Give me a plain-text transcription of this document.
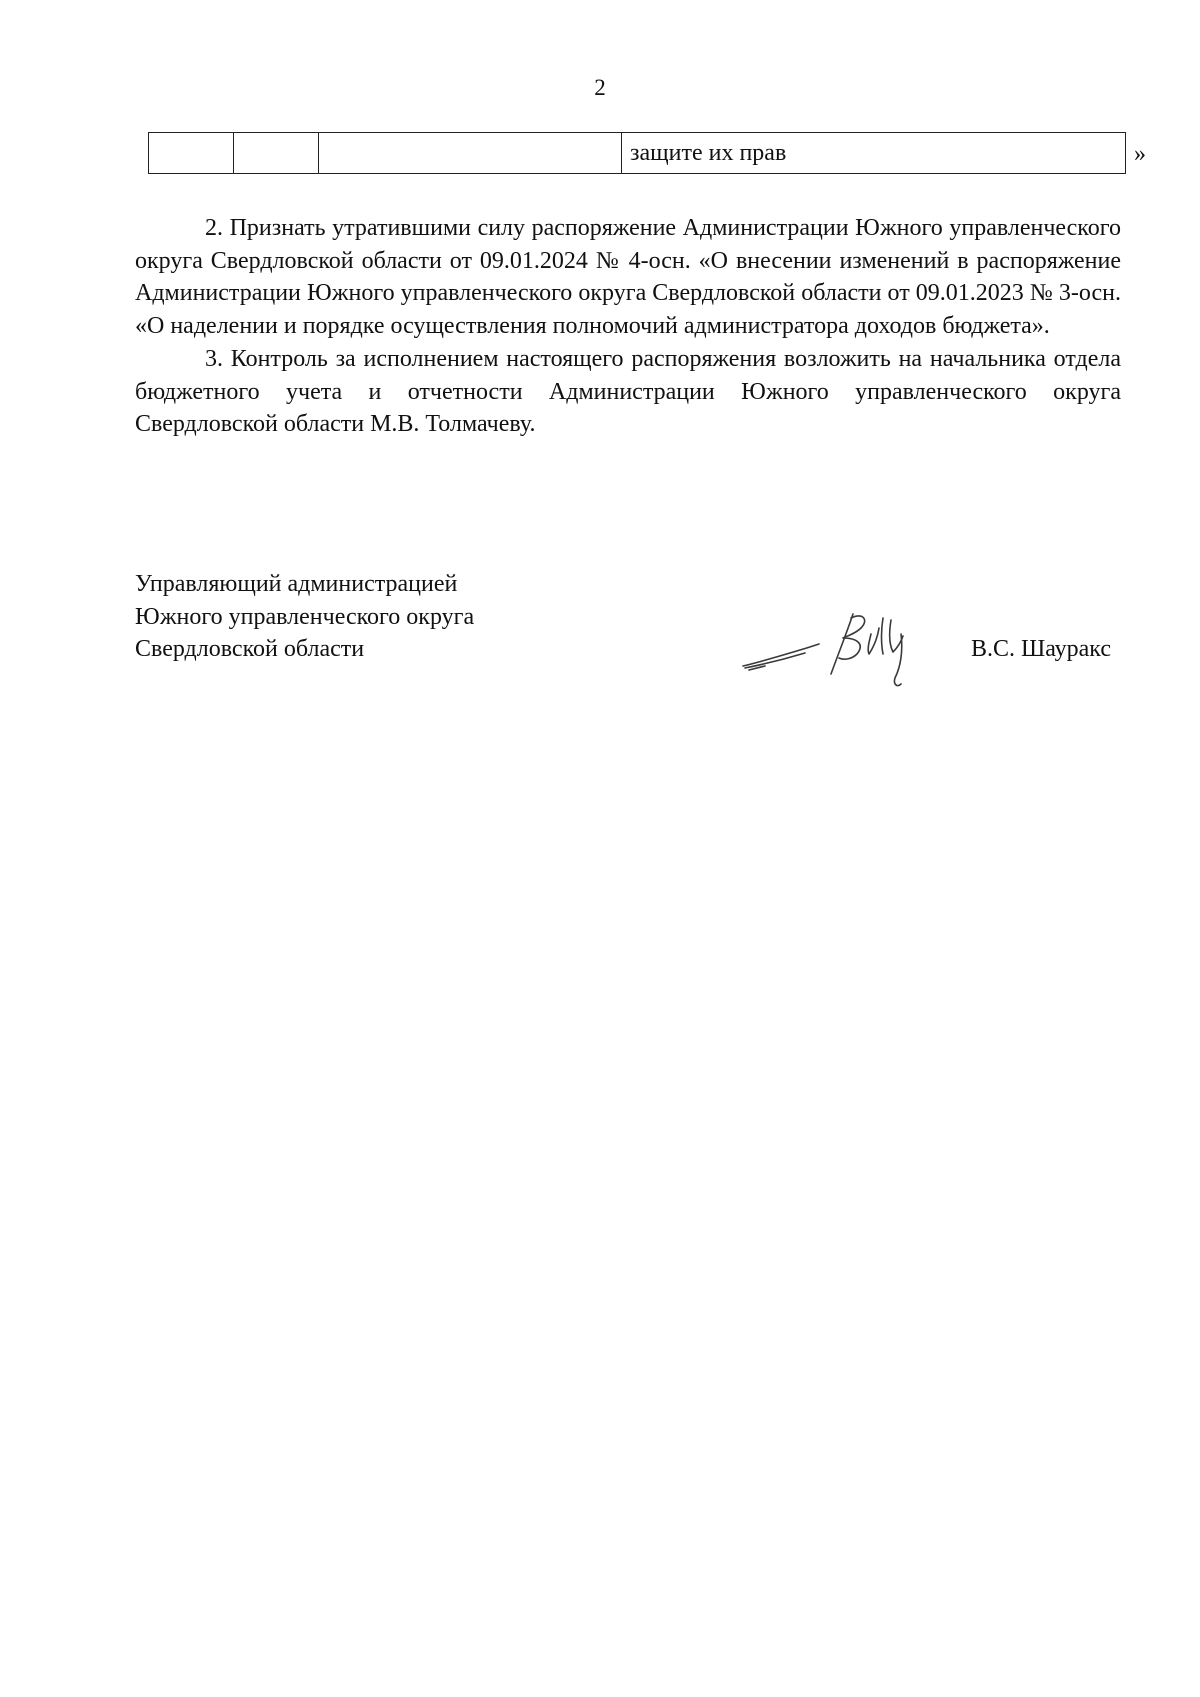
2
			защите их прав	»

2. Признать утратившими силу распоряжение Администрации Южного управленческого округа Свердловской области от 09.01.2024 № 4-осн. «О внесении изменений в распоряжение Администрации Южного управленческого округа Свердловской области от 09.01.2023 № 3-осн. «О наделении и порядке осуществления полномочий администратора доходов бюджета».

3. Контроль за исполнением настоящего распоряжения возложить на начальника отдела бюджетного учета и отчетности Администрации Южного управленческого округа Свердловской области М.В. Толмачеву.

Управляющий администрацией
Южного управленческого округа
Свердловской области	В.С. Шауракс
